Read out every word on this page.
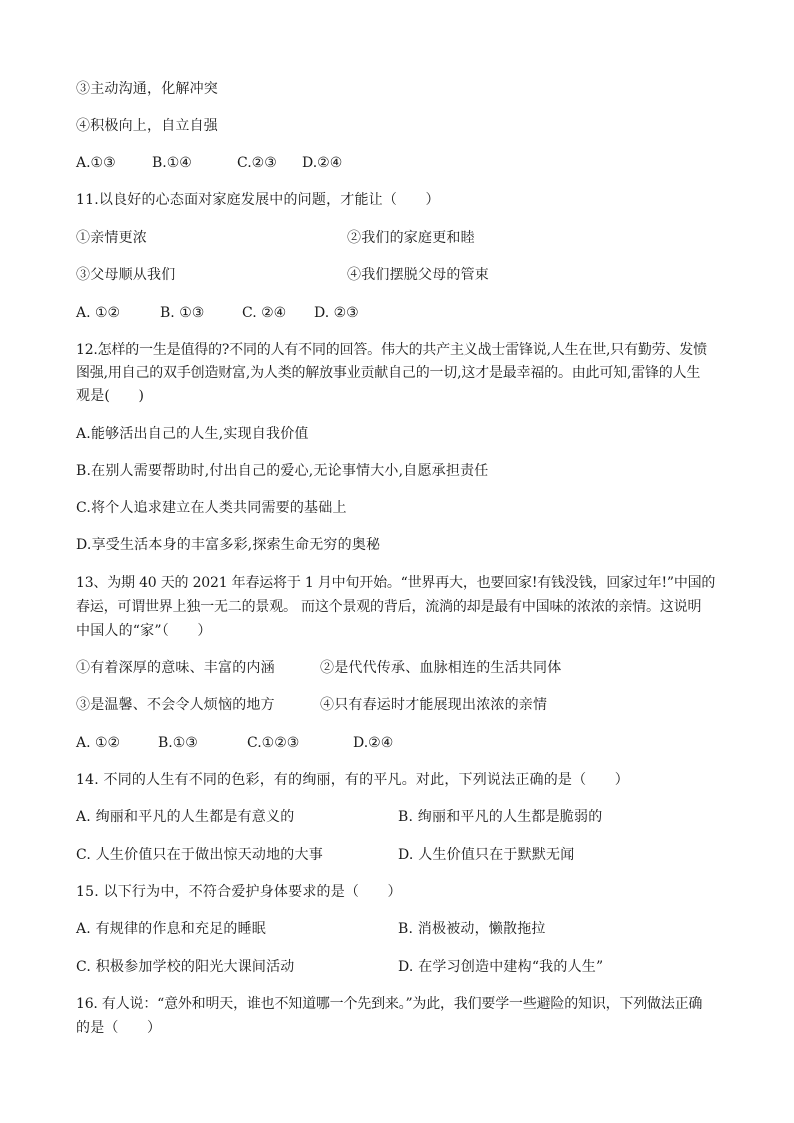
③主动沟通，化解冲突
④积极向上，自立自强
A.①③	B.①④	C.②③ D.②④
11.以良好的心态面对家庭发展中的问题，才能让（　　）
①亲情更浓	②我们的家庭更和睦
③父母顺从我们	④我们摆脱父母的管束
A. ①②	B. ①③	C. ②④ D. ②③
12.怎样的一生是值得的?不同的人有不同的回答。伟大的共产主义战士雷锋说,人生在世,只有勤劳、发愤
图强,用自己的双手创造财富,为人类的解放事业贡献自己的一切,这才是最幸福的。由此可知,雷锋的人生
观是(　　)
A.能够活出自己的人生,实现自我价值
B.在别人需要帮助时,付出自己的爱心,无论事情大小,自愿承担责任
C.将个人追求建立在人类共同需要的基础上
D.享受生活本身的丰富多彩,探索生命无穷的奥秘
13、为期 40 天的 2021 年春运将于 1 月中旬开始。“世界再大，也要回家!有钱没钱，回家过年!”中国的
春运，可谓世界上独一无二的景观。 而这个景观的背后，流淌的却是最有中国味的浓浓的亲情。这说明
中国人的“家”（　　）
①有着深厚的意味、丰富的内涵	②是代代传承、血脉相连的生活共同体
③是温馨、不会令人烦恼的地方	④只有春运时才能展现出浓浓的亲情
A. ①②	B.①③	C.①②③	D.②④
14. 不同的人生有不同的色彩，有的绚丽，有的平凡。对此，下列说法正确的是（　　）
A. 绚丽和平凡的人生都是有意义的	B. 绚丽和平凡的人生都是脆弱的
C. 人生价值只在于做出惊天动地的大事	D. 人生价值只在于默默无闻
15. 以下行为中，不符合爱护身体要求的是（　　）
A. 有规律的作息和充足的睡眠	B. 消极被动，懒散拖拉
C. 积极参加学校的阳光大课间活动	D. 在学习创造中建构“我的人生”
16. 有人说：“意外和明天，谁也不知道哪一个先到来。”为此，我们要学一些避险的知识，下列做法正确
的是（　　）
